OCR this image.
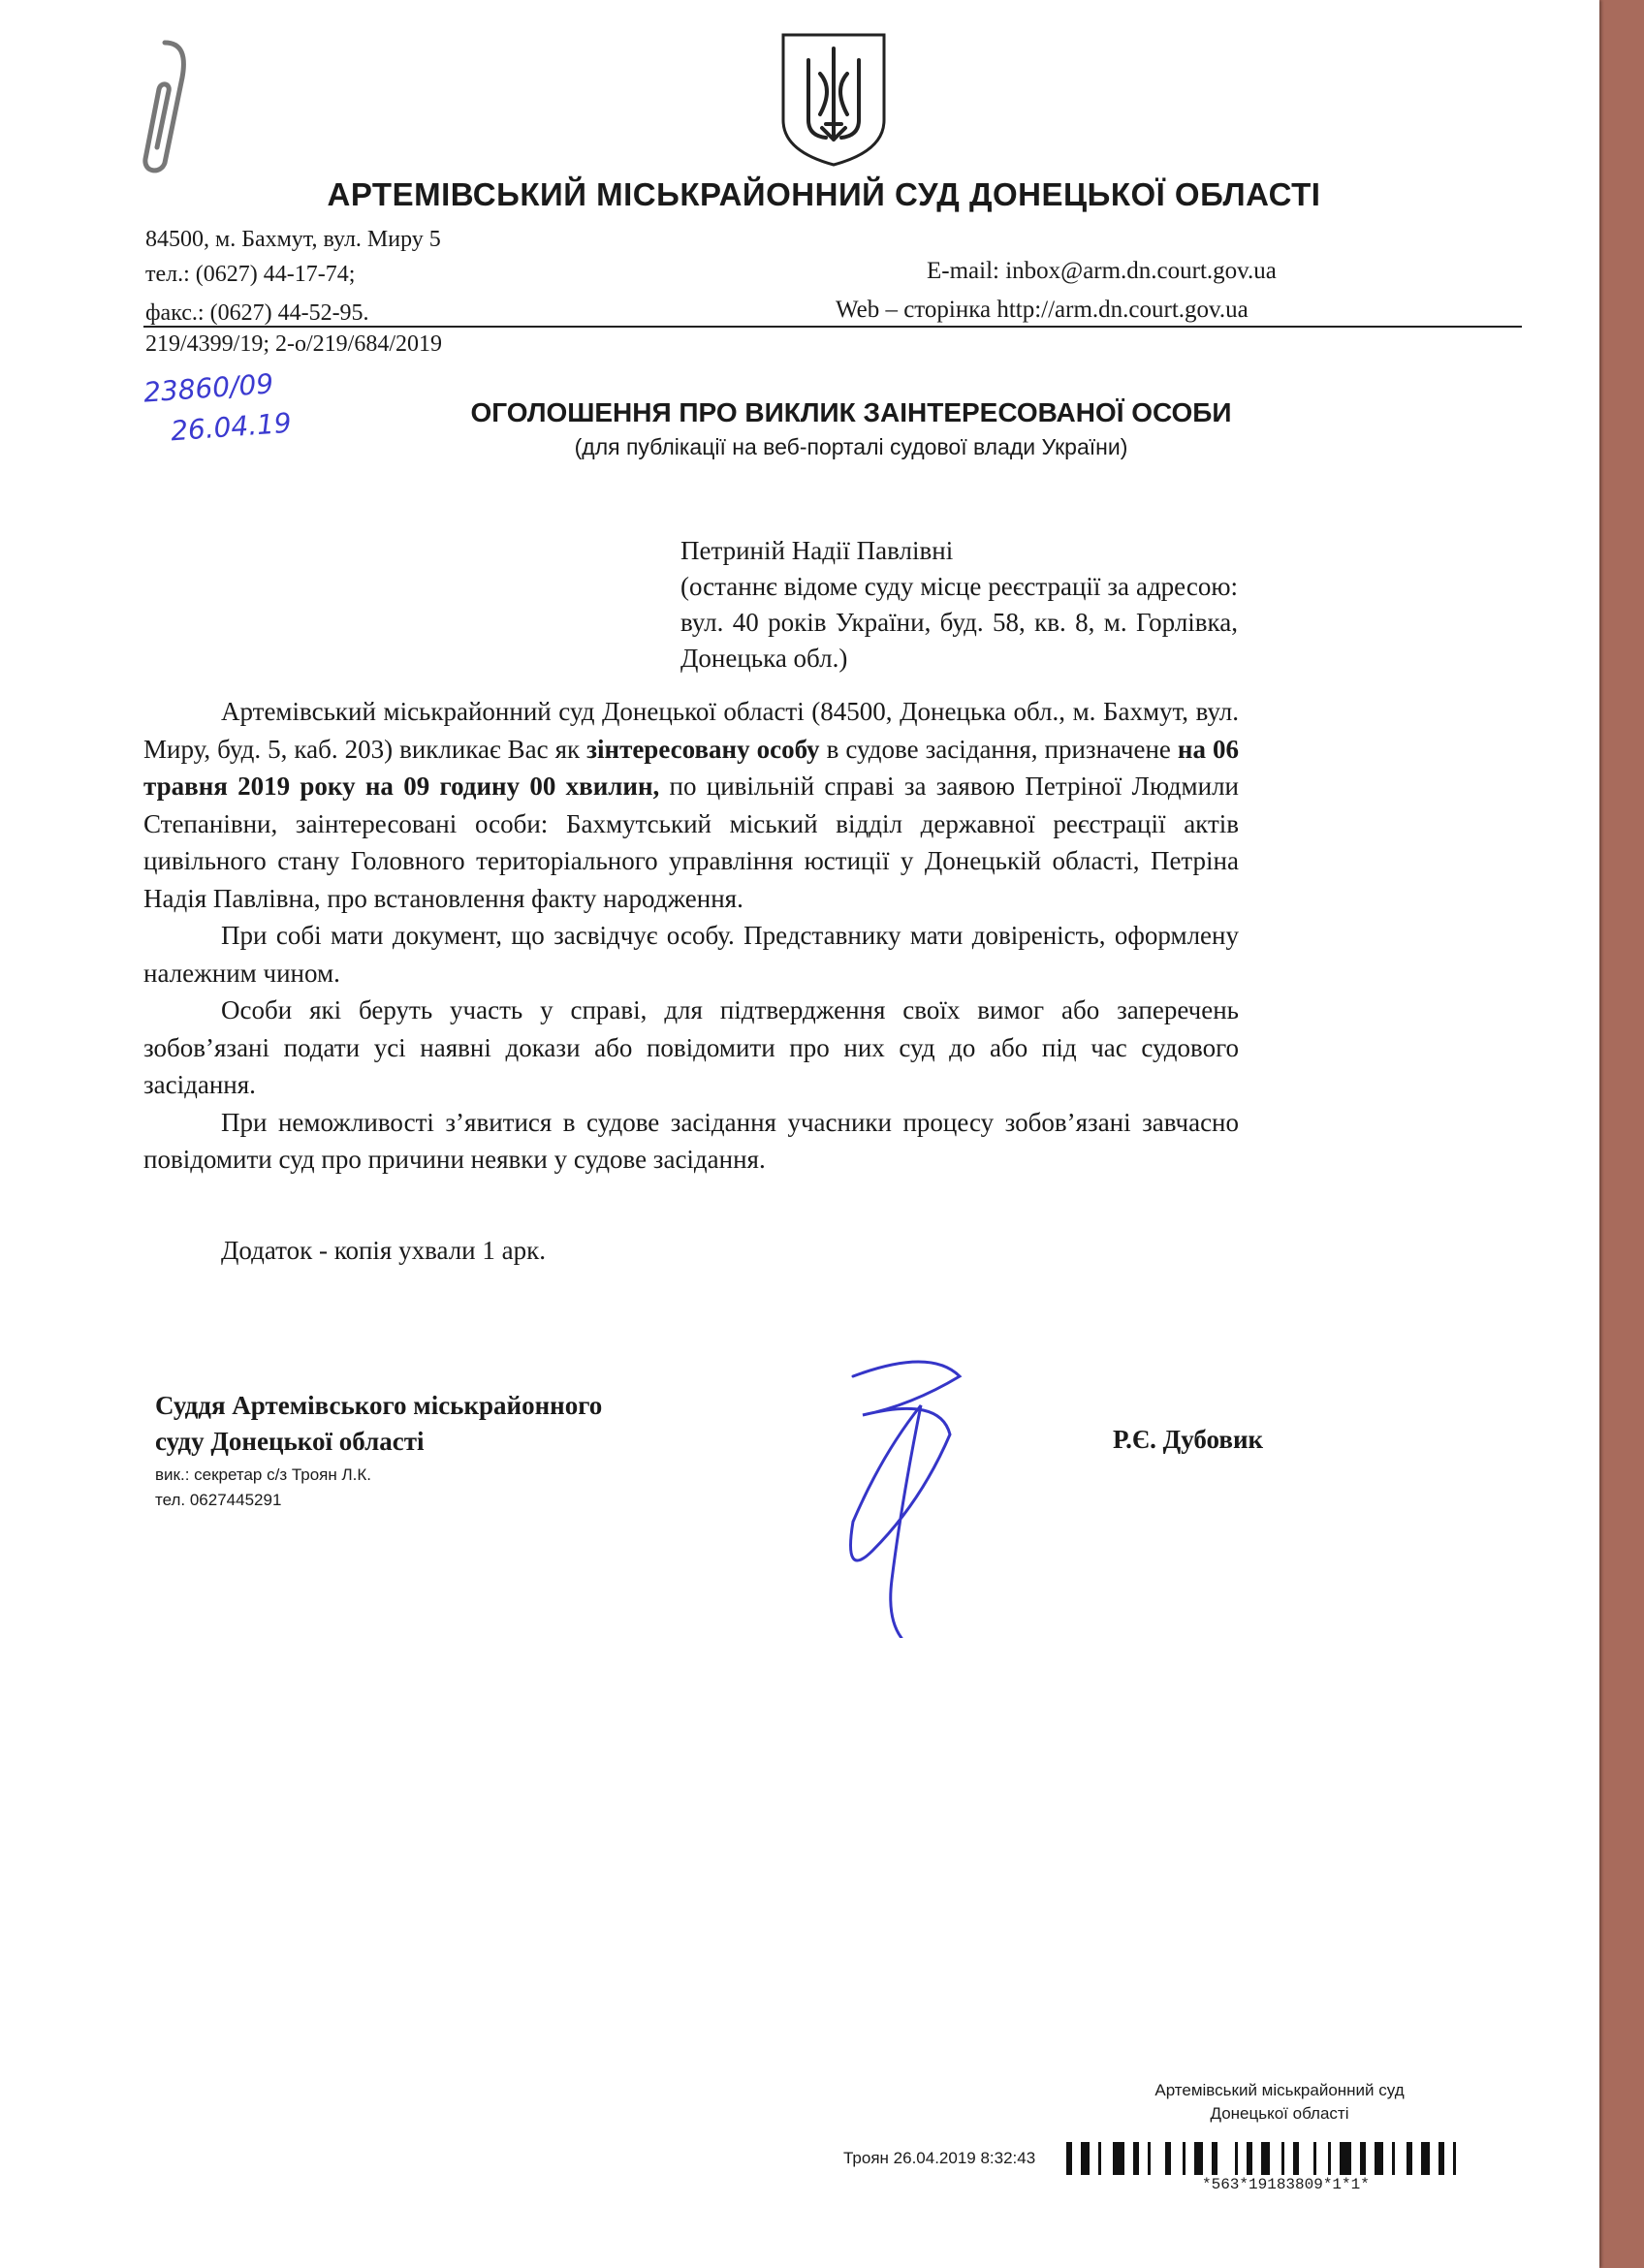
АРТЕМІВСЬКИЙ МІСЬКРАЙОННИЙ СУД ДОНЕЦЬКОЇ ОБЛАСТІ
84500, м. Бахмут, вул. Миру 5
тел.: (0627) 44-17-74;
факс.: (0627) 44-52-95.
E-mail: inbox@arm.dn.court.gov.ua
Web – сторінка http://arm.dn.court.gov.ua
219/4399/19; 2-о/219/684/2019
23860/09
26.04.19	ОГОЛОШЕННЯ ПРО ВИКЛИК ЗАІНТЕРЕСОВАНОЇ ОСОБИ
(для публікації на веб-порталі судової влади України)

Петриній Надії Павлівні

(останнє відоме суду місце реєстрації за адресою: вул. 40 років України, буд. 58, кв. 8, м. Горлівка, Донецька обл.)

Артемівський міськрайонний суд Донецької області (84500, Донецька обл., м. Бахмут, вул. Миру, буд. 5, каб. 203) викликає Вас як зінтересовану особу в судове засідання, призначене на 06 травня 2019 року на 09 годину 00 хвилин, по цивільній справі за заявою Петріної Людмили Степанівни, заінтересовані особи: Бахмутський міський відділ державної реєстрації актів цивільного стану Головного територіального управління юстиції у Донецькій області, Петріна Надія Павлівна, про встановлення факту народження.

При собі мати документ, що засвідчує особу. Представнику мати довіреність, оформлену належним чином.

Особи які беруть участь у справі, для підтвердження своїх вимог або заперечень зобов’язані подати усі наявні докази або повідомити про них суд до або під час судового засідання.

При неможливості з’явитися в судове засідання учасники процесу зобов’язані завчасно повідомити суд про причини неявки у судове засідання.

Додаток - копія ухвали 1 арк.
Суддя Артемівського міськрайонного
суду Донецької області
вик.: секретар с/з Троян Л.К.
тел. 0627445291
Р.Є. Дубовик
Артемівський міськрайонний суд
Донецької області
Троян 26.04.2019 8:32:43
*563*19183809*1*1*
